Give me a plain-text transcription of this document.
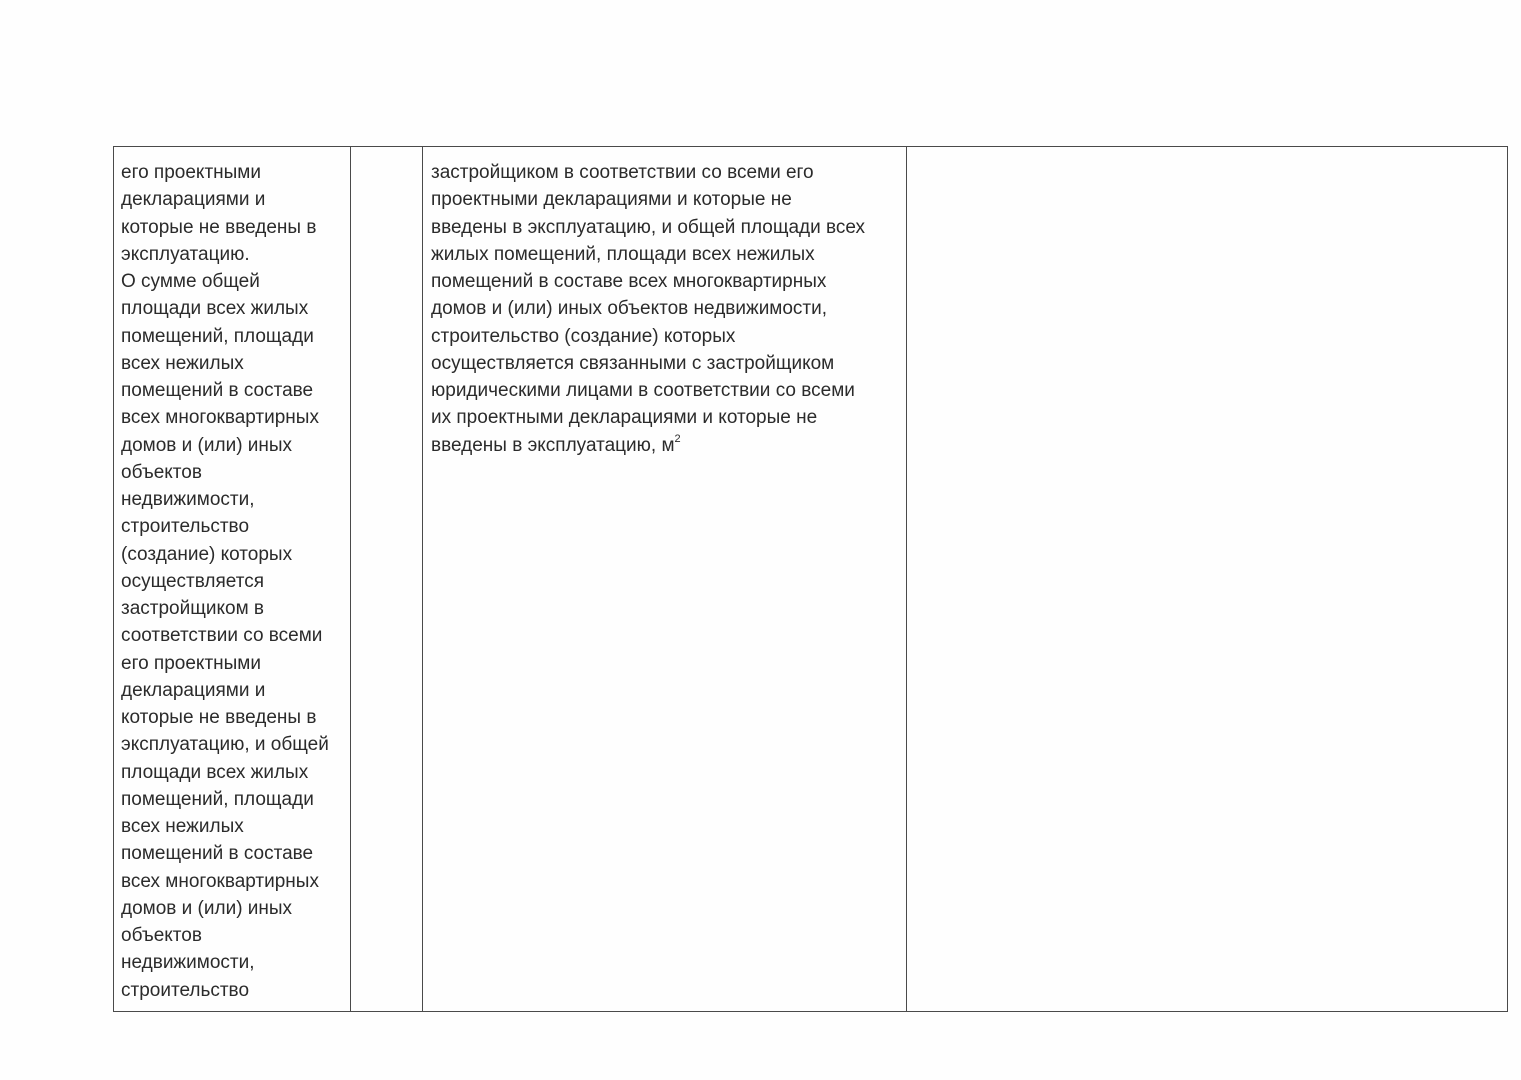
его проектными
декларациями и
которые не введены в
эксплуатацию.
О сумме общей
площади всех жилых
помещений, площади
всех нежилых
помещений в составе
всех многоквартирных
домов и (или) иных
объектов
недвижимости,
строительство
(создание) которых
осуществляется
застройщиком в
соответствии со всеми
его проектными
декларациями и
которые не введены в
эксплуатацию, и общей
площади всех жилых
помещений, площади
всех нежилых
помещений в составе
всех многоквартирных
домов и (или) иных
объектов
недвижимости,
строительство

застройщиком в соответствии со всеми его
проектными декларациями и которые не
введены в эксплуатацию, и общей площади всех
жилых помещений, площади всех нежилых
помещений в составе всех многоквартирных
домов и (или) иных объектов недвижимости,
строительство (создание) которых
осуществляется связанными с застройщиком
юридическими лицами в соответствии со всеми
их проектными декларациями и которые не
введены в эксплуатацию, $м^2$
